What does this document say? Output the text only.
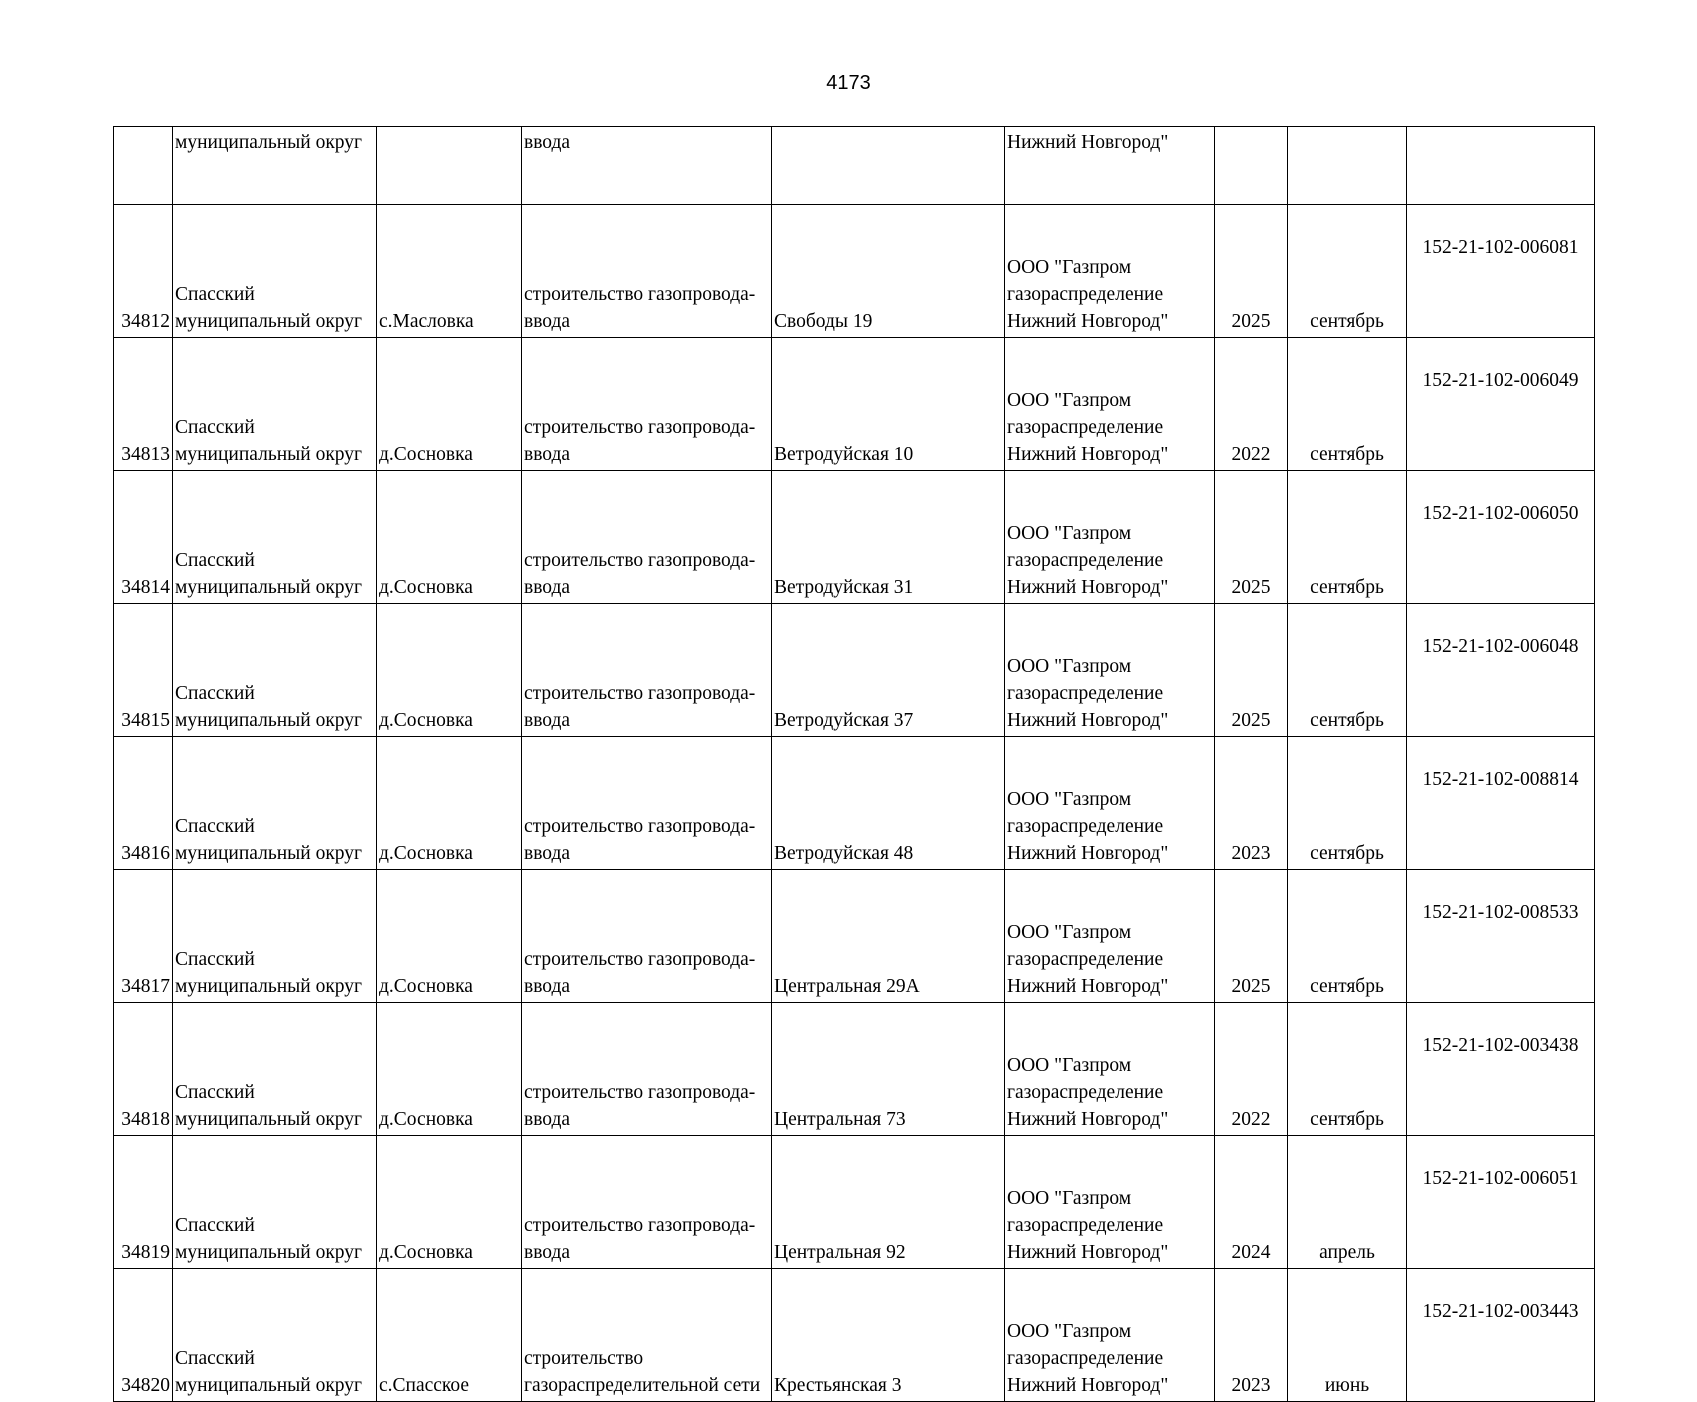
4173
	муниципальный округ		ввода		Нижний Новгород"			
34812	Спасский
муниципальный округ	с.Масловка	строительство газопровода-
ввода	Свободы 19	ООО "Газпром
газораспределение
Нижний Новгород"	2025	сентябрь	152-21-102-006081
34813	Спасский
муниципальный округ	д.Сосновка	строительство газопровода-
ввода	Ветродуйская 10	ООО "Газпром
газораспределение
Нижний Новгород"	2022	сентябрь	152-21-102-006049
34814	Спасский
муниципальный округ	д.Сосновка	строительство газопровода-
ввода	Ветродуйская 31	ООО "Газпром
газораспределение
Нижний Новгород"	2025	сентябрь	152-21-102-006050
34815	Спасский
муниципальный округ	д.Сосновка	строительство газопровода-
ввода	Ветродуйская 37	ООО "Газпром
газораспределение
Нижний Новгород"	2025	сентябрь	152-21-102-006048
34816	Спасский
муниципальный округ	д.Сосновка	строительство газопровода-
ввода	Ветродуйская 48	ООО "Газпром
газораспределение
Нижний Новгород"	2023	сентябрь	152-21-102-008814
34817	Спасский
муниципальный округ	д.Сосновка	строительство газопровода-
ввода	Центральная 29А	ООО "Газпром
газораспределение
Нижний Новгород"	2025	сентябрь	152-21-102-008533
34818	Спасский
муниципальный округ	д.Сосновка	строительство газопровода-
ввода	Центральная 73	ООО "Газпром
газораспределение
Нижний Новгород"	2022	сентябрь	152-21-102-003438
34819	Спасский
муниципальный округ	д.Сосновка	строительство газопровода-
ввода	Центральная 92	ООО "Газпром
газораспределение
Нижний Новгород"	2024	апрель	152-21-102-006051
34820	Спасский
муниципальный округ	с.Спасское	строительство
газораспределительной сети	Крестьянская 3	ООО "Газпром
газораспределение
Нижний Новгород"	2023	июнь	152-21-102-003443
